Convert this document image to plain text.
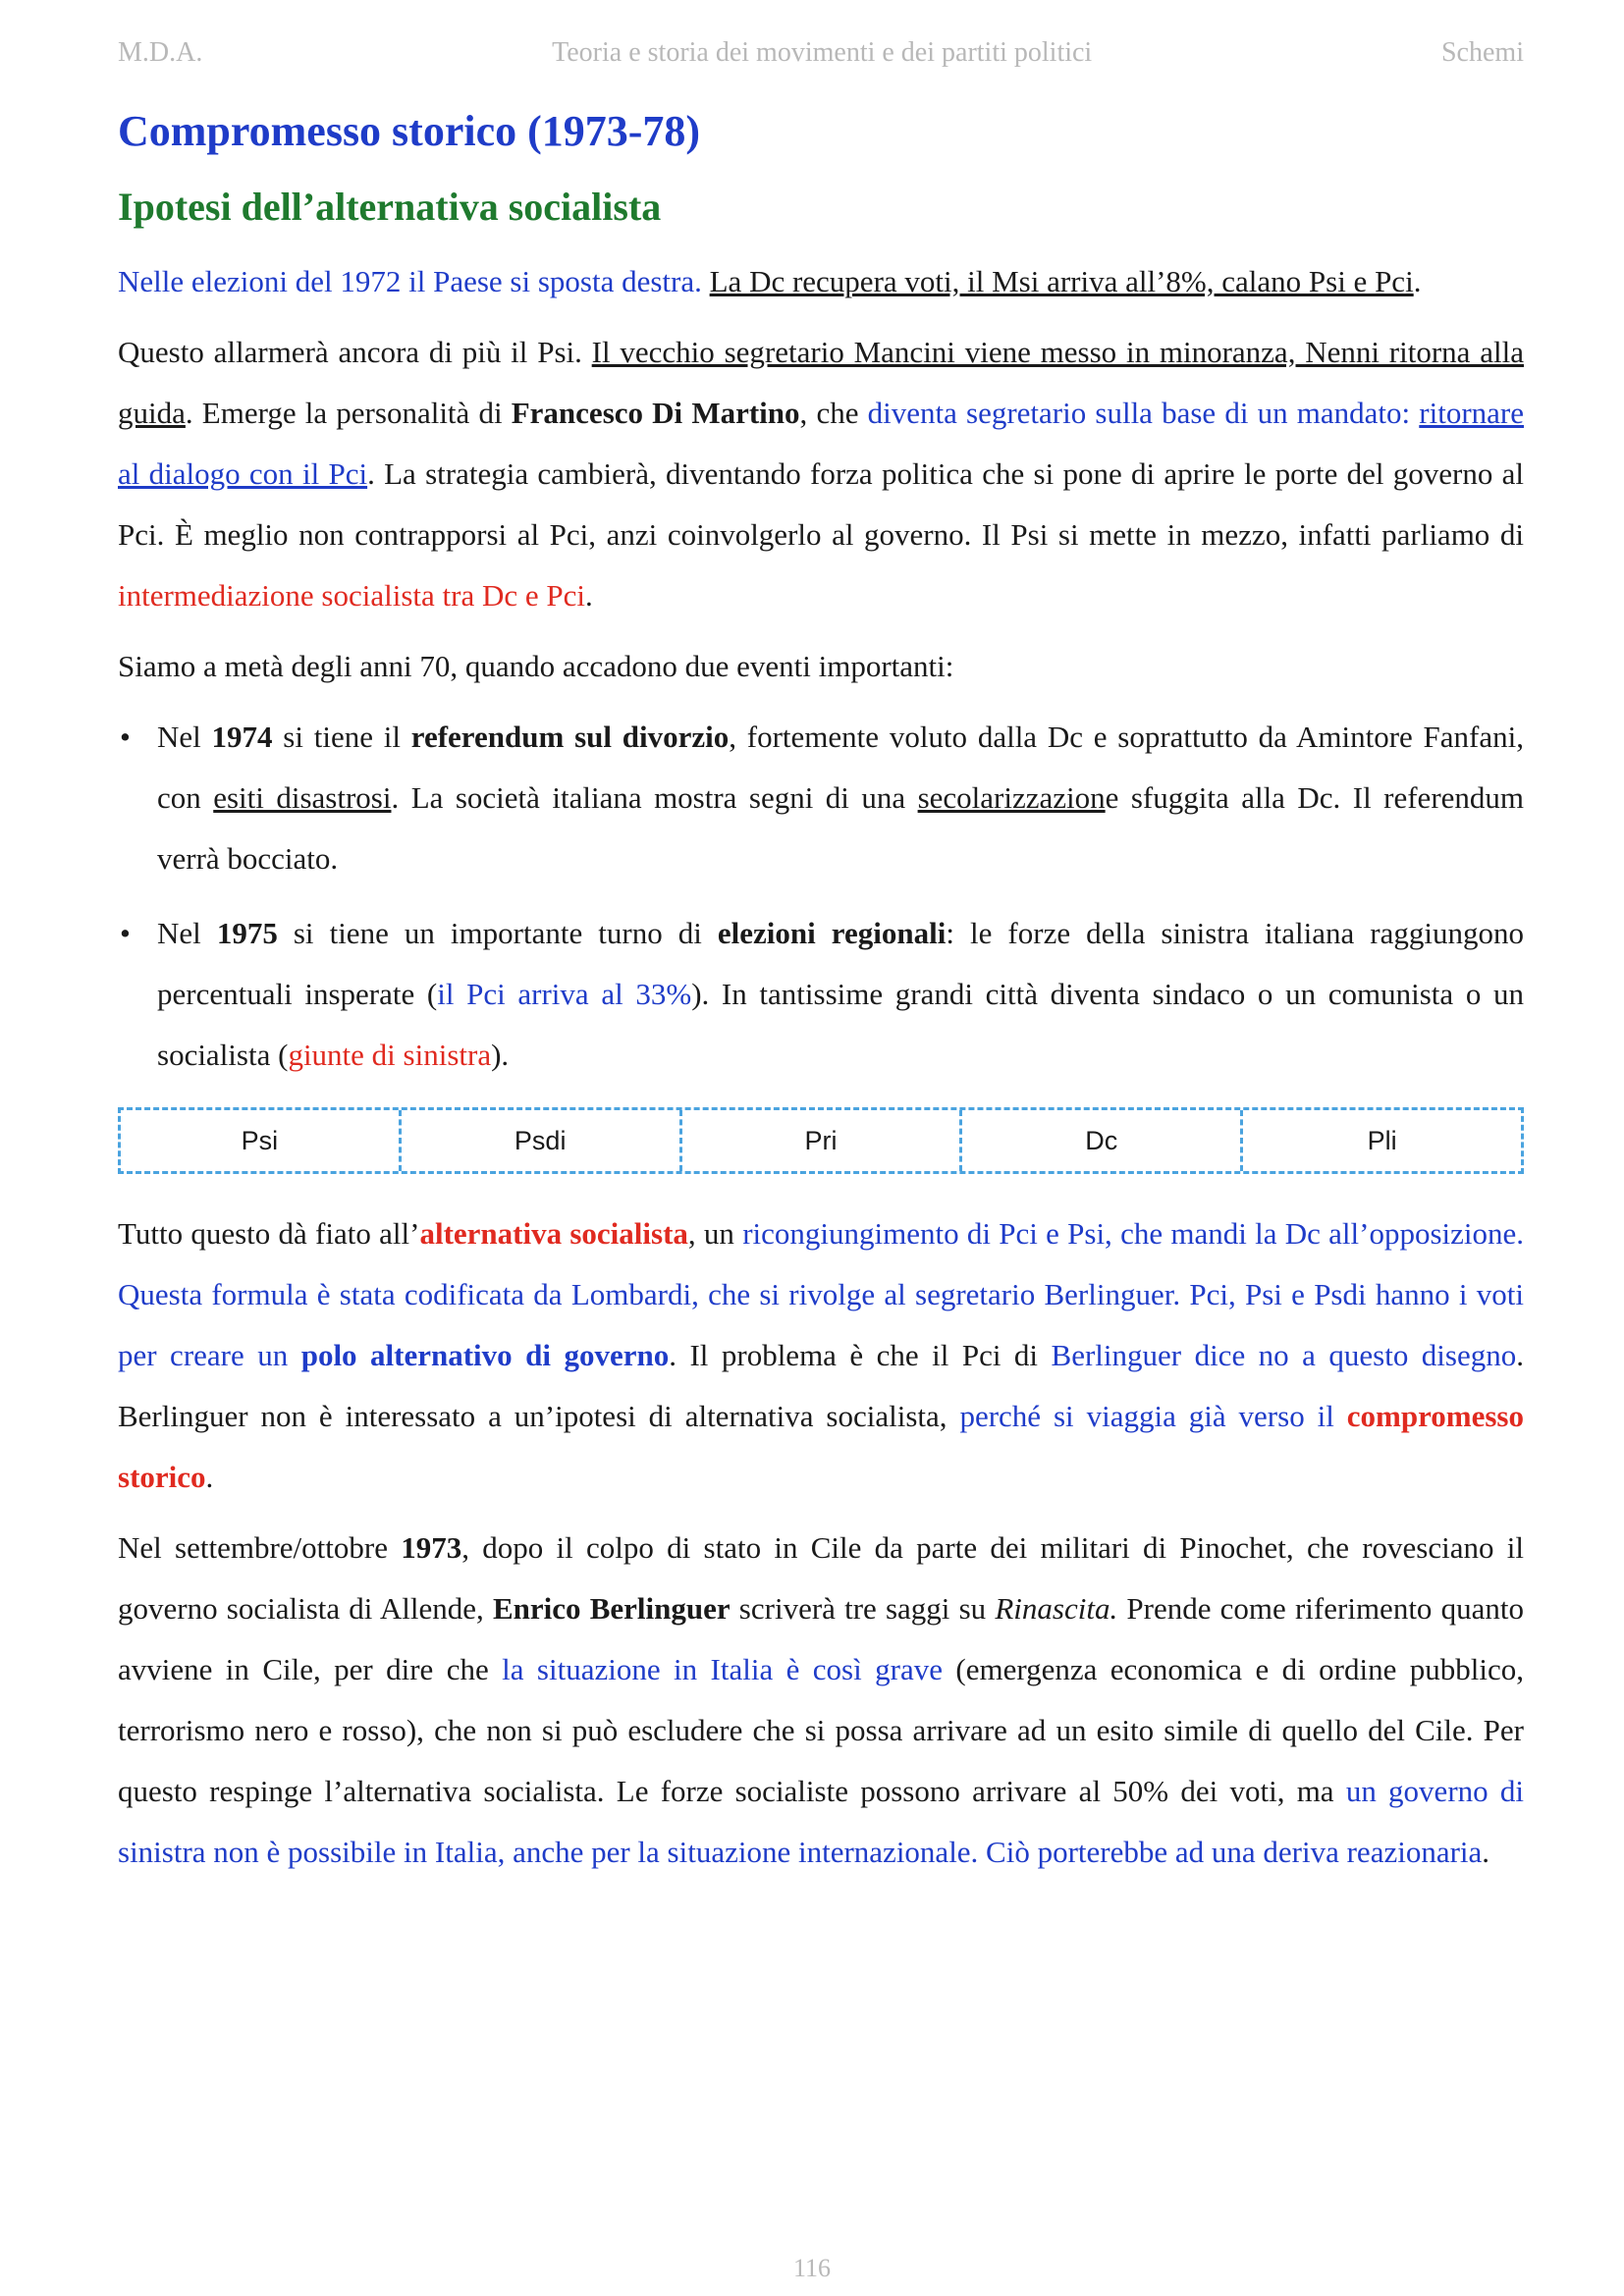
M.D.A.	Teoria e storia dei movimenti e dei partiti politici	Schemi
Compromesso storico (1973-78)
Ipotesi dell’alternativa socialista

Nelle elezioni del 1972 il Paese si sposta destra. La Dc recupera voti, il Msi arriva all’8%, calano Psi e Pci.

Questo allarmerà ancora di più il Psi. Il vecchio segretario Mancini viene messo in minoranza, Nenni ritorna alla guida. Emerge la personalità di Francesco Di Martino, che diventa segretario sulla base di un mandato: ritornare al dialogo con il Pci. La strategia cambierà, diventando forza politica che si pone di aprire le porte del governo al Pci. È meglio non contrapporsi al Pci, anzi coinvolgerlo al governo. Il Psi si mette in mezzo, infatti parliamo di intermediazione socialista tra Dc e Pci.

Siamo a metà degli anni 70, quando accadono due eventi importanti:

• Nel 1974 si tiene il referendum sul divorzio, fortemente voluto dalla Dc e soprattutto da Amintore Fanfani, con esiti disastrosi. La società italiana mostra segni di una secolarizzazione sfuggita alla Dc. Il referendum verrà bocciato.
• Nel 1975 si tiene un importante turno di elezioni regionali: le forze della sinistra italiana raggiungono percentuali insperate (il Pci arriva al 33%). In tantissime grandi città diventa sindaco o un comunista o un socialista (giunte di sinistra).
Psi	Psdi	Pri	Dc	Pli

Tutto questo dà fiato all’alternativa socialista, un ricongiungimento di Pci e Psi, che mandi la Dc all’opposizione. Questa formula è stata codificata da Lombardi, che si rivolge al segretario Berlinguer. Pci, Psi e Psdi hanno i voti per creare un polo alternativo di governo. Il problema è che il Pci di Berlinguer dice no a questo disegno. Berlinguer non è interessato a un’ipotesi di alternativa socialista, perché si viaggia già verso il compromesso storico.

Nel settembre/ottobre 1973, dopo il colpo di stato in Cile da parte dei militari di Pinochet, che rovesciano il governo socialista di Allende, Enrico Berlinguer scriverà tre saggi su Rinascita. Prende come riferimento quanto avviene in Cile, per dire che la situazione in Italia è così grave (emergenza economica e di ordine pubblico, terrorismo nero e rosso), che non si può escludere che si possa arrivare ad un esito simile di quello del Cile. Per questo respinge l’alternativa socialista. Le forze socialiste possono arrivare al 50% dei voti, ma un governo di sinistra non è possibile in Italia, anche per la situazione internazionale. Ciò porterebbe ad una deriva reazionaria.

116
